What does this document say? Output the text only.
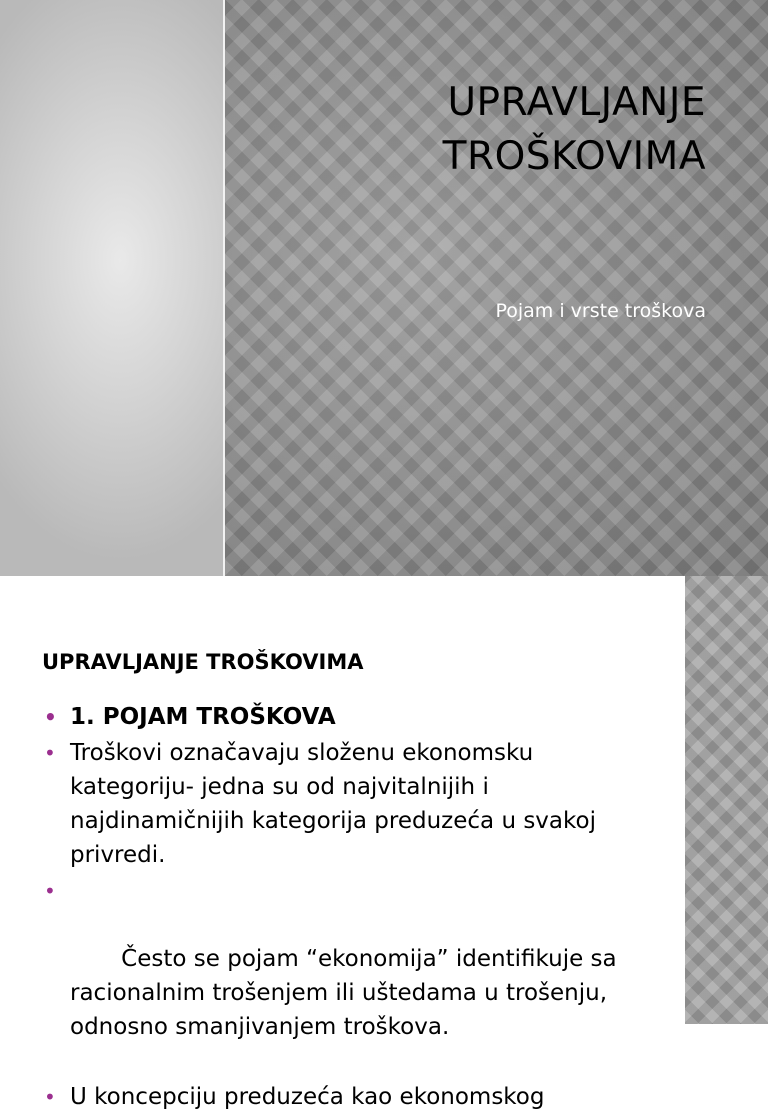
UPRAVLJANJE
TROŠKOVIMA
Pojam i vrste troškova
UPRAVLJANJE TROŠKOVIMA
• 1. POJAM TROŠKOVA
• Troškovi označavaju složenu ekonomsku kategoriju- jedna su od najvitalnijih i najdinamičnijih kategorija preduzeća u svakoj privredi.

•

Često se pojam “ekonomija” identifikuje sa racionalnim trošenjem ili uštedama u trošenju, odnosno smanjivanjem troškova.

• U koncepciju preduzeća kao ekonomskog
